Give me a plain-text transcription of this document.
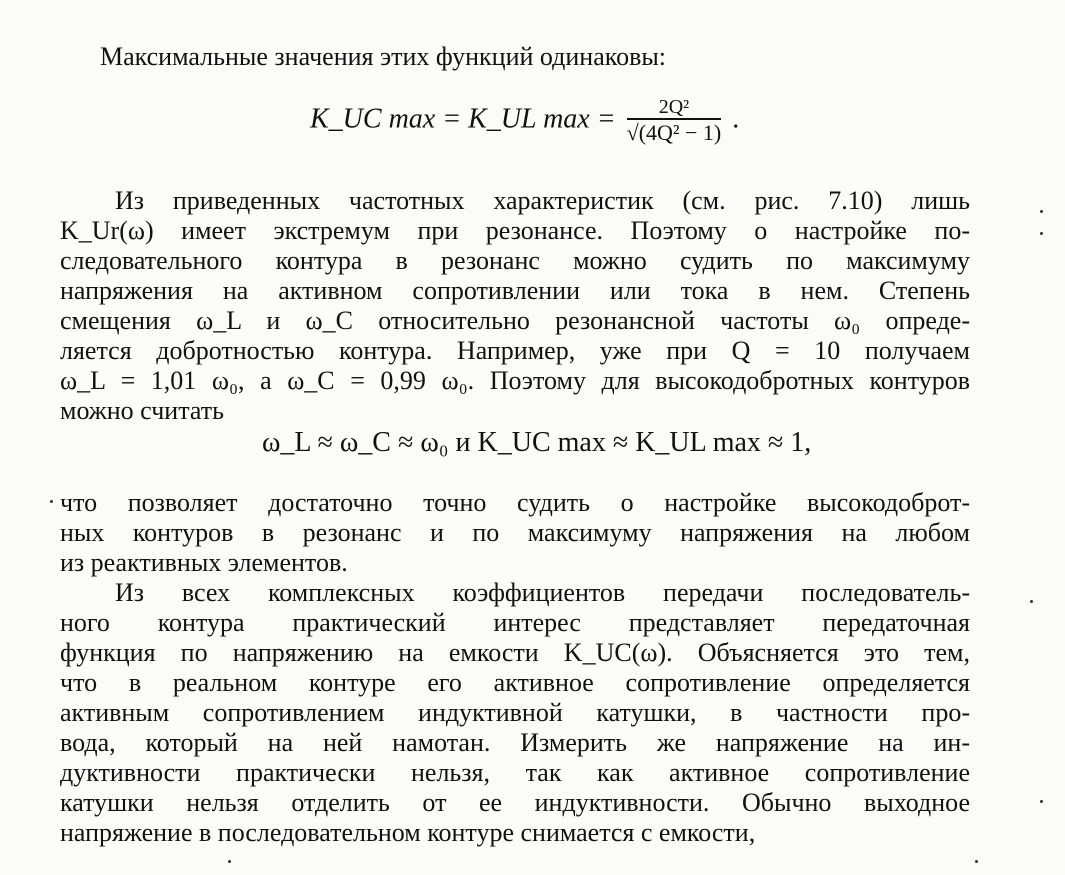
Максимальные значения этих функций одинаковы:
K_UC max = K_UL $\max = \frac{\text{2Q²}}{\text{√(4Q² − 1)}}$ .
Из приведенных частотных характеристик (см. рис. 7.10) лишь
K_Ur(ω) имеет экстремум при резонансе. Поэтому о настройке по-
следовательного контура в резонанс можно судить по максимуму
напряжения на активном сопротивлении или тока в нем. Степень
смещения ω_L и ω_C относительно резонансной частоты ω₀ опреде-
ляется добротностью контура. Например, уже при Q = 10 получаем
ω_L = 1,01 ω₀, а ω_C = 0,99 ω₀. Поэтому для высокодобротных контуров
можно считать
ω_L ≈ ω_C ≈ ω₀ и K_UC max ≈ K_UL max ≈ 1,
что позволяет достаточно точно судить о настройке высокодоброт-
ных контуров в резонанс и по максимуму напряжения на любом
из реактивных элементов.
Из всех комплексных коэффициентов передачи последователь-
ного контура практический интерес представляет передаточная
функция по напряжению на емкости K_UC(ω). Объясняется это тем,
что в реальном контуре его активное сопротивление определяется
активным сопротивлением индуктивной катушки, в частности про-
вода, который на ней намотан. Измерить же напряжение на ин-
дуктивности практически нельзя, так как активное сопротивление
катушки нельзя отделить от ее индуктивности. Обычно выходное
напряжение в последовательном контуре снимается с емкости,
